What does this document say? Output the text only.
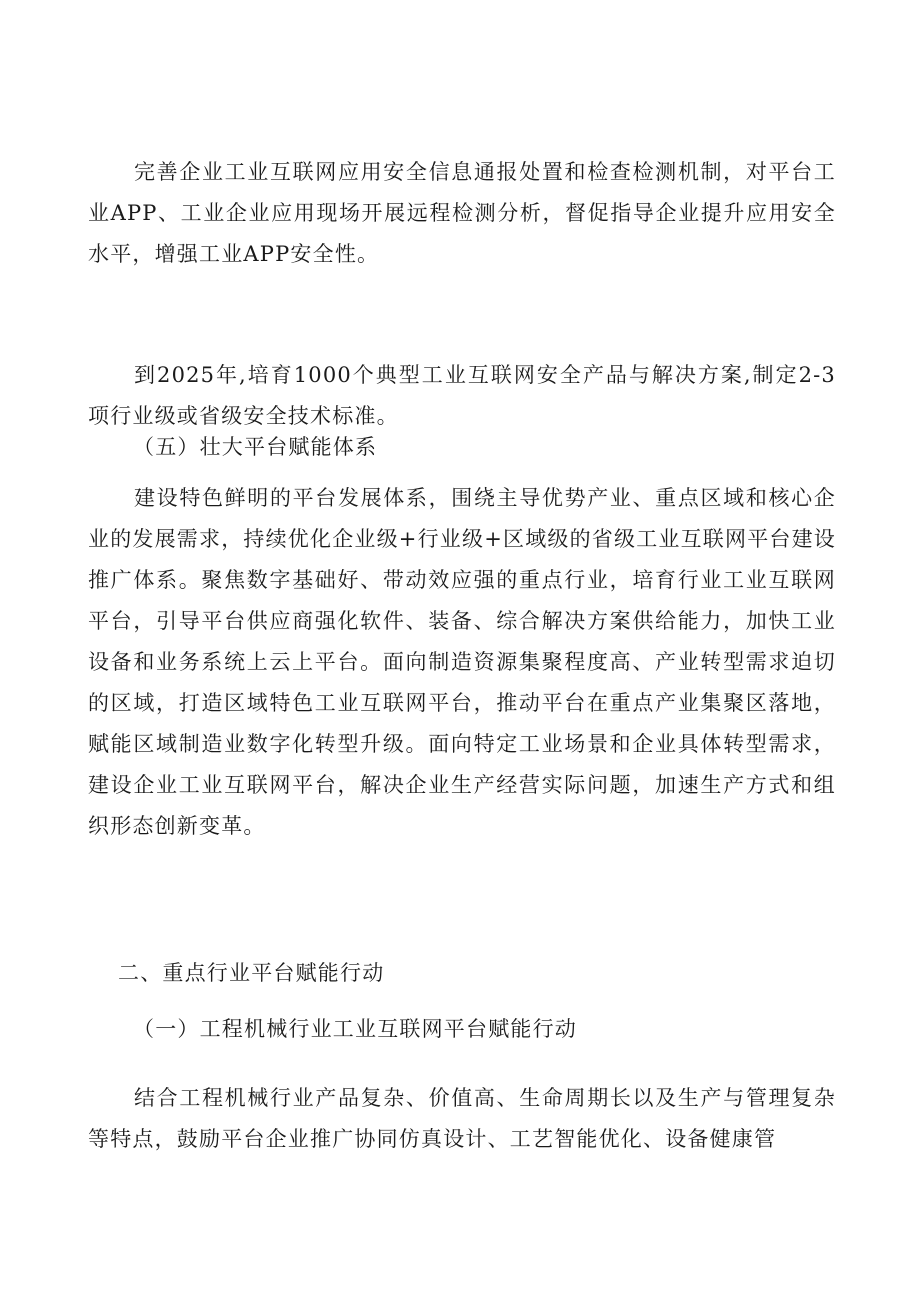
完善企业工业互联网应用安全信息通报处置和检查检测机制，对平台工业APP、工业企业应用现场开展远程检测分析，督促指导企业提升应用安全水平，增强工业APP安全性。

到2025年,培育1000个典型工业互联网安全产品与解决方案,制定2-3项行业级或省级安全技术标准。

（五）壮大平台赋能体系

建设特色鲜明的平台发展体系，围绕主导优势产业、重点区域和核心企业的发展需求，持续优化企业级+行业级+区域级的省级工业互联网平台建设推广体系。聚焦数字基础好、带动效应强的重点行业，培育行业工业互联网平台，引导平台供应商强化软件、装备、综合解决方案供给能力，加快工业设备和业务系统上云上平台。面向制造资源集聚程度高、产业转型需求迫切的区域，打造区域特色工业互联网平台，推动平台在重点产业集聚区落地，赋能区域制造业数字化转型升级。面向特定工业场景和企业具体转型需求，建设企业工业互联网平台，解决企业生产经营实际问题，加速生产方式和组织形态创新变革。

二、重点行业平台赋能行动

（一）工程机械行业工业互联网平台赋能行动

结合工程机械行业产品复杂、价值高、生命周期长以及生产与管理复杂等特点，鼓励平台企业推广协同仿真设计、工艺智能优化、设备健康管
